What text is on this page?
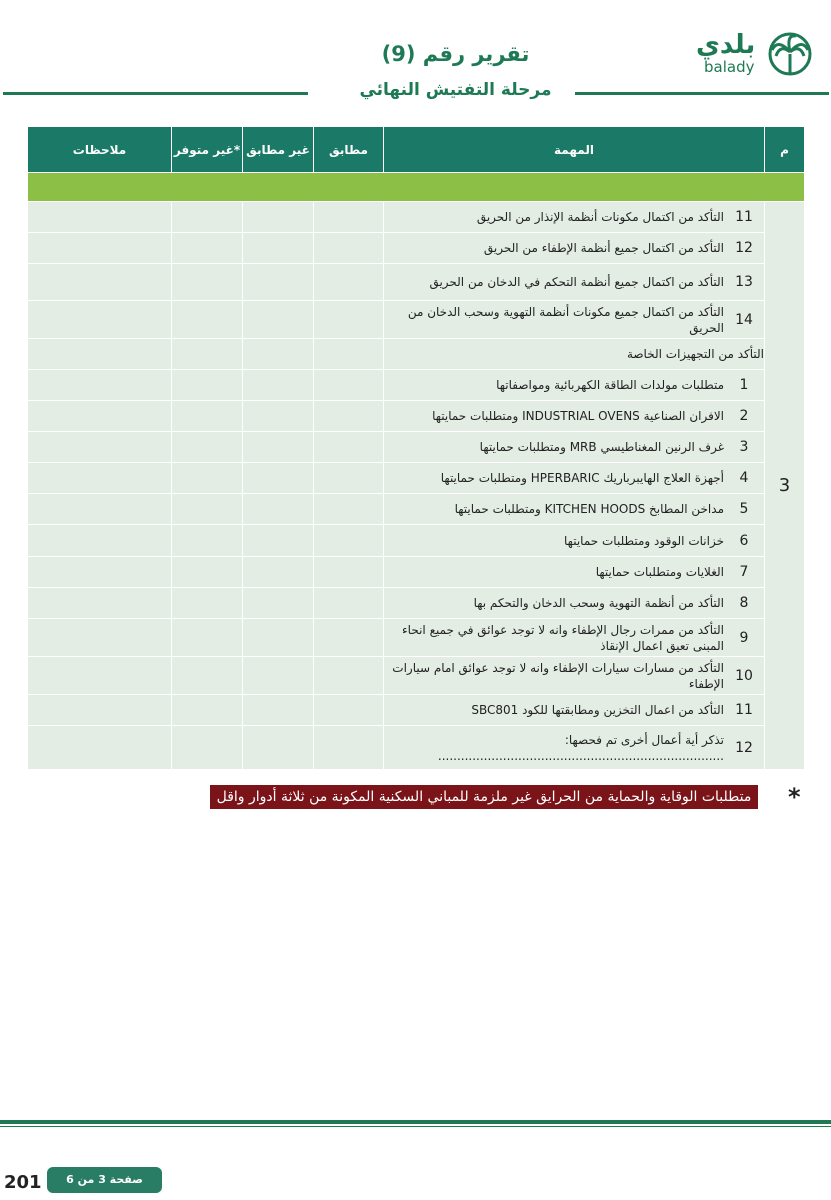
بلدي
balady
تقرير رقم (9)
مرحلة التفتيش النهائي
ملاحظات	غير متوفر*	غير مطابق	مطابق	المهمة	م

				التأكد من اكتمال مكونات أنظمة الإنذار من الحريق 11	3

				التأكد من اكتمال جميع أنظمة الإطفاء من الحريق 12	

				التأكد من اكتمال جميع أنظمة التحكم في الدخان من الحريق 13	

				التأكد من اكتمال جميع مكونات أنظمة التهوية وسحب الدخان من الحريق 14	

				التأكد من التجهيزات الخاصة	

				متطلبات مولدات الطاقة الكهربائية ومواصفاتها 1	

				الافران الصناعية INDUSTRIAL OVENS ومتطلبات حمايتها 2	

				غرف الرنين المغناطيسي MRB ومتطلبات حمايتها 3	

				أجهزة العلاج الهايبرباريك HPERBARIC ومتطلبات حمايتها 4	

				مداخن المطابخ KITCHEN HOODS ومتطلبات حمايتها 5	

				خزانات الوقود ومتطلبات حمايتها 6	

				الغلايات ومتطلبات حمايتها 7	

				التأكد من أنظمة التهوية وسحب الدخان والتحكم بها 8	

				التأكد من ممرات رجال الإطفاء وانه لا توجد عوائق في جميع انحاء المبنى تعيق اعمال الإنقاذ 9	

				التأكد من مسارات سيارات الإطفاء وانه لا توجد عوائق امام سيارات الإطفاء 10	

				التأكد من اعمال التخزين ومطابقتها للكود SBC801 11	

				تذكر أية أعمال أخرى تم فحصها:
........................................................................... 12	
*
متطلبات الوقاية والحماية من الحرايق غير ملزمة للمباني السكنية المكونة من ثلاثة أدوار واقل
201	صفحة 3 من 6
